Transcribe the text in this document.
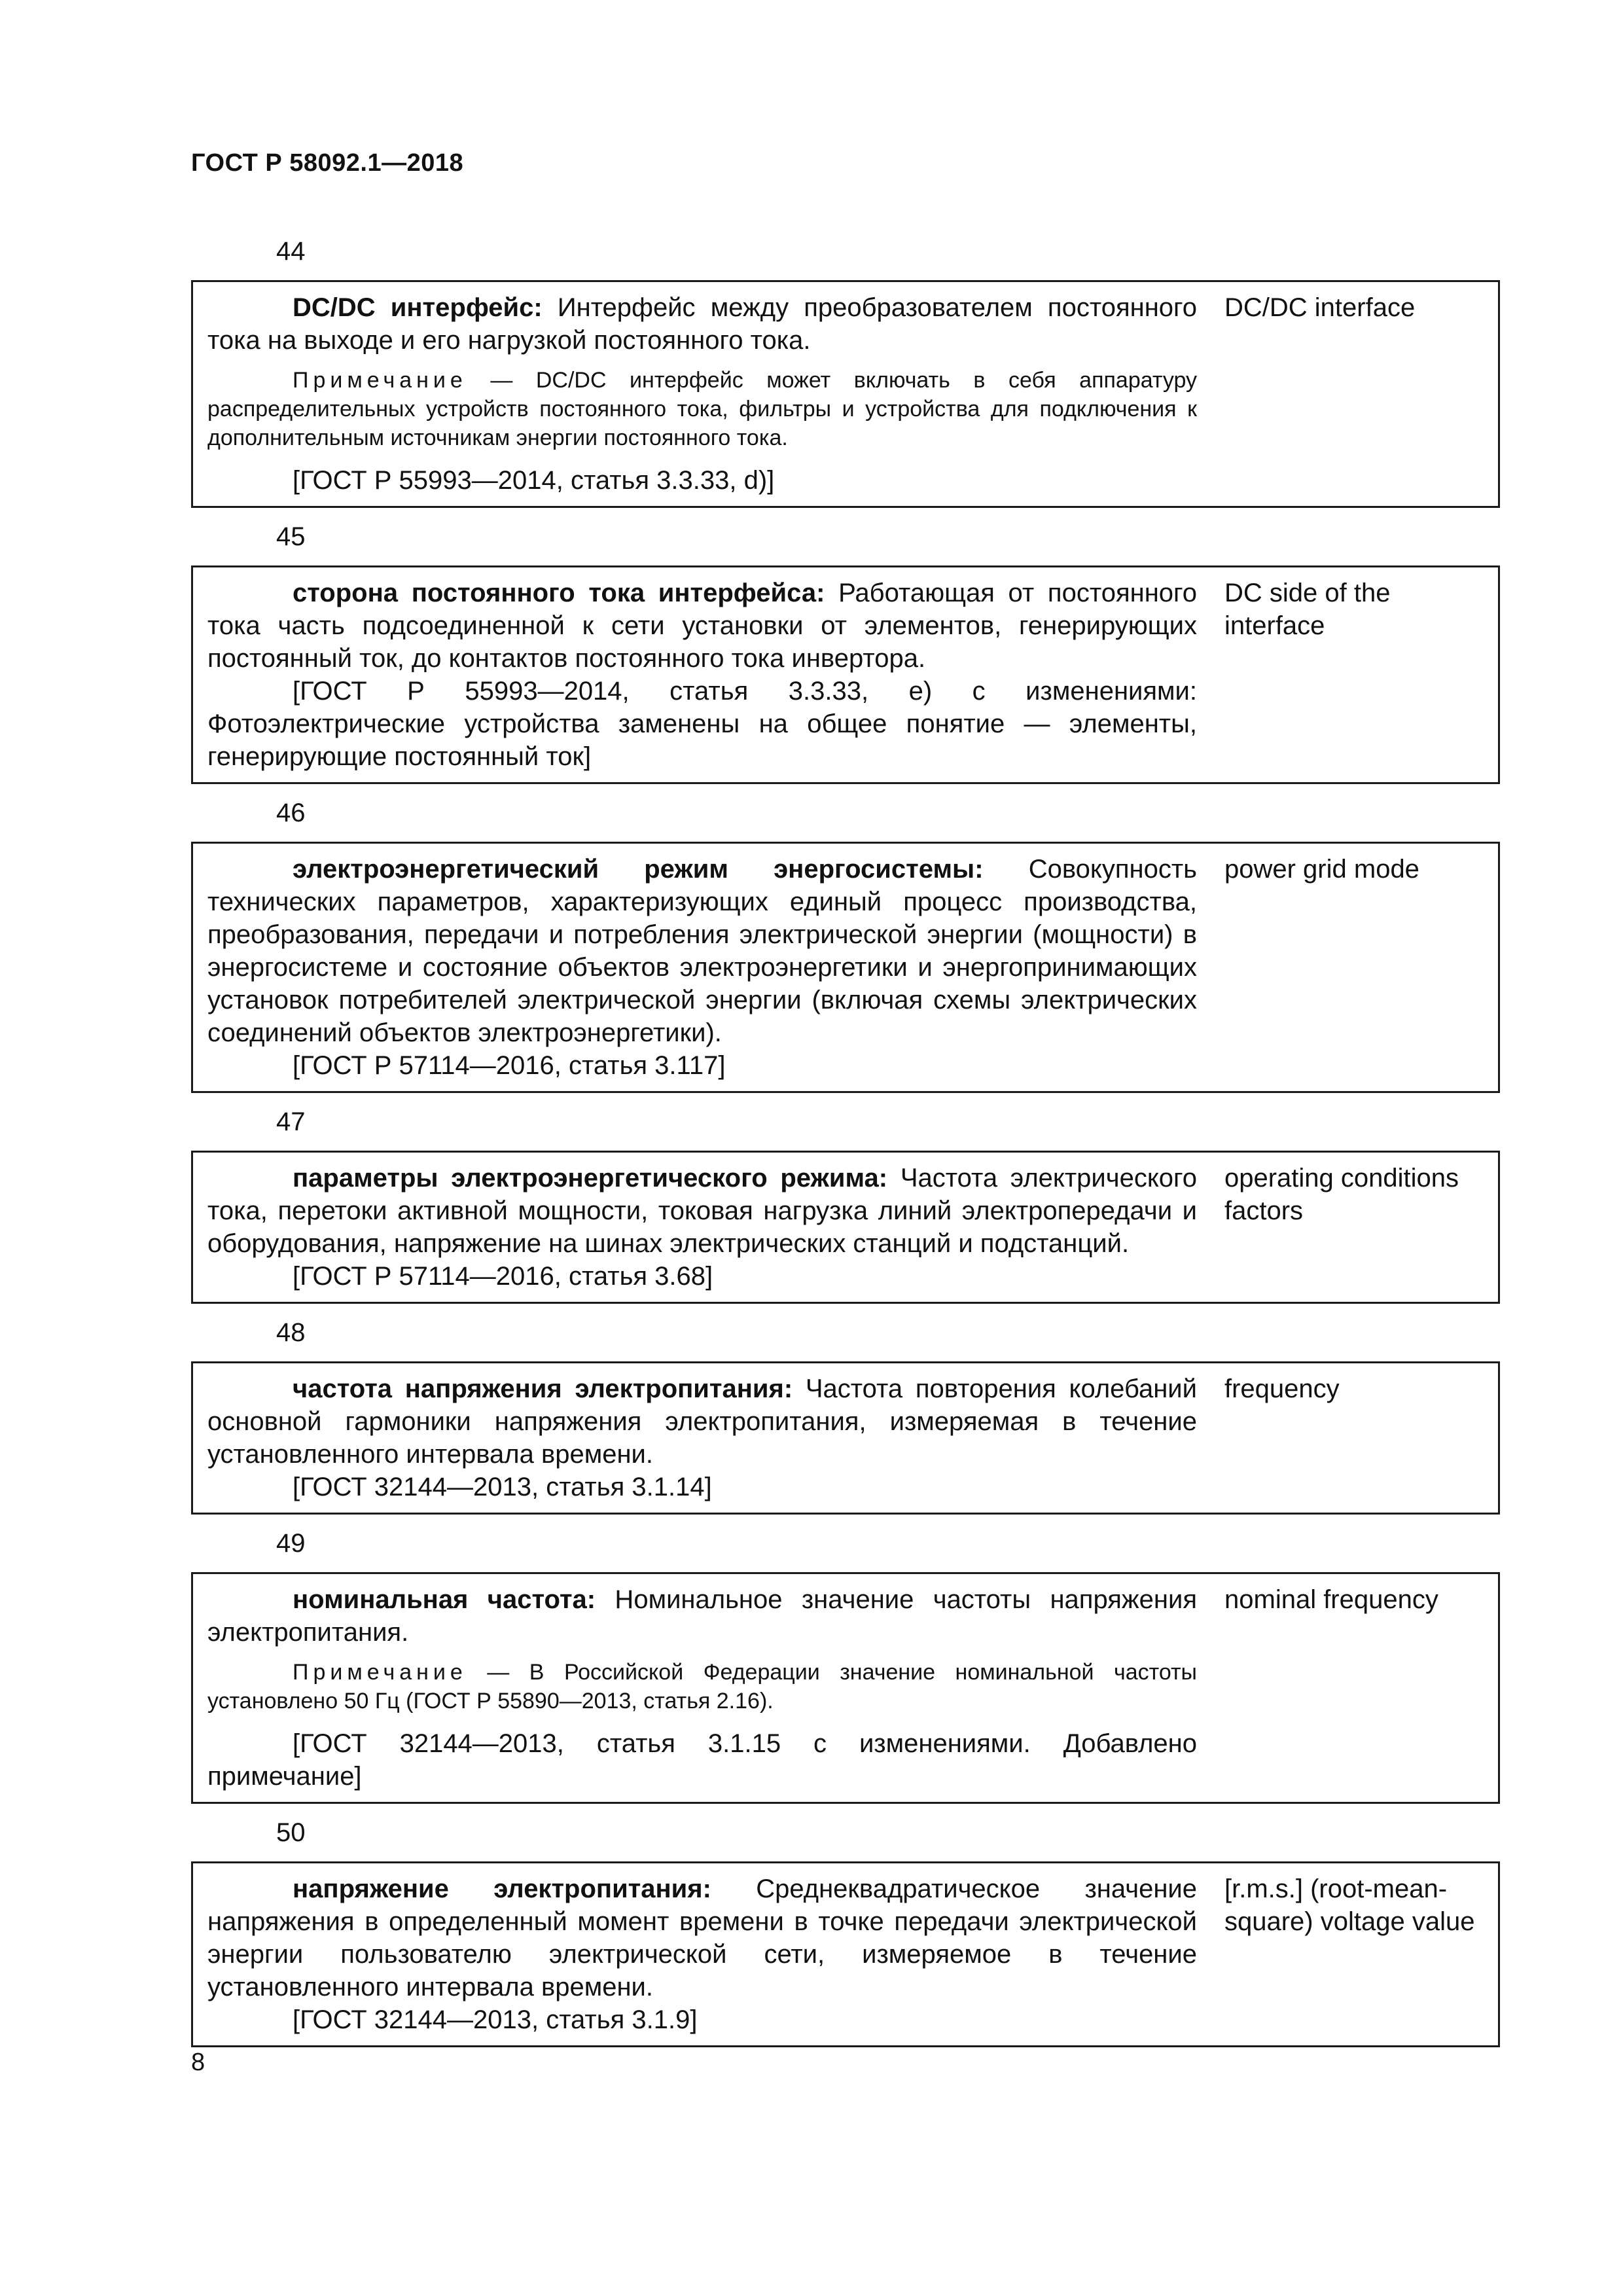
ГОСТ Р 58092.1—2018
44

DC/DC интерфейс: Интерфейс между преобразователем постоянного тока на выходе и его нагрузкой постоянного тока.

Примечание — DC/DC интерфейс может включать в себя аппаратуру распределительных устройств постоянного тока, фильтры и устройства для подключения к дополнительным источникам энергии постоянного тока.

[ГОСТ Р 55993—2014, статья 3.3.33, d)]

DC/DC interface
45

сторона постоянного тока интерфейса: Работающая от постоянного тока часть подсоединенной к сети установки от элементов, генерирующих постоянный ток, до контактов постоянного тока инвертора.

[ГОСТ Р 55993—2014, статья 3.3.33, е) с изменениями: Фотоэлектрические устройства заменены на общее понятие — элементы, генерирующие постоянный ток]

DC side of the interface
46

электроэнергетический режим энергосистемы: Совокупность технических параметров, характеризующих единый процесс производства, преобразования, передачи и потребления электрической энергии (мощности) в энергосистеме и состояние объектов электроэнергетики и энергопринимающих установок потребителей электрической энергии (включая схемы электрических соединений объектов электроэнергетики).

[ГОСТ Р 57114—2016, статья 3.117]

power grid mode
47

параметры электроэнергетического режима: Частота электрического тока, перетоки активной мощности, токовая нагрузка линий электропередачи и оборудования, напряжение на шинах электрических станций и подстанций.

[ГОСТ Р 57114—2016, статья 3.68]

operating conditions factors
48

частота напряжения электропитания: Частота повторения колебаний основной гармоники напряжения электропитания, измеряемая в течение установленного интервала времени.

[ГОСТ 32144—2013, статья 3.1.14]

frequency
49

номинальная частота: Номинальное значение частоты напряжения электропитания.

Примечание — В Российской Федерации значение номинальной частоты установлено 50 Гц (ГОСТ Р 55890—2013, статья 2.16).

[ГОСТ 32144—2013, статья 3.1.15 с изменениями. Добавлено примечание]

nominal frequency
50

напряжение электропитания: Среднеквадратическое значение напряжения в определенный момент времени в точке передачи электрической энергии пользователю электрической сети, измеряемое в течение установленного интервала времени.

[ГОСТ 32144—2013, статья 3.1.9]

[r.m.s.] (root-mean-square) voltage value
8
